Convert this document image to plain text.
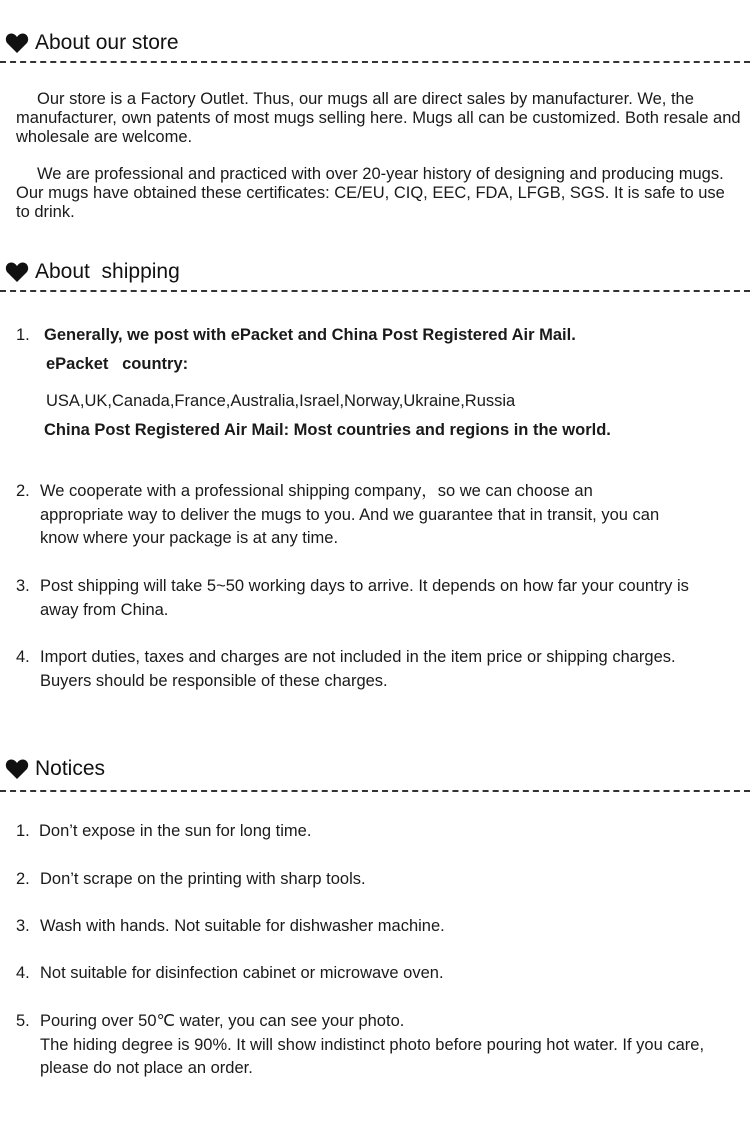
About our store
Our store is a Factory Outlet. Thus, our mugs all are direct sales by manufacturer. We, the manufacturer, own patents of most mugs selling here. Mugs all can be customized. Both resale and wholesale are welcome.
We are professional and practiced with over 20-year history of designing and producing mugs. Our mugs have obtained these certificates: CE/EU, CIQ, EEC, FDA, LFGB, SGS. It is safe to use to drink.
About  shipping
1. Generally, we post with ePacket and China Post Registered Air Mail.
ePacket   country:
USA,UK,Canada,France,Australia,Israel,Norway,Ukraine,Russia
China Post Registered Air Mail: Most countries and regions in the world.
2. We cooperate with a professional shipping company，so we can choose an appropriate way to deliver the mugs to you. And we guarantee that in transit, you can know where your package is at any time.
3. Post shipping will take 5~50 working days to arrive. It depends on how far your country is away from China.
4. Import duties, taxes and charges are not included in the item price or shipping charges. Buyers should be responsible of these charges.
Notices
1. Don’t expose in the sun for long time.
2. Don’t scrape on the printing with sharp tools.
3. Wash with hands. Not suitable for dishwasher machine.
4. Not suitable for disinfection cabinet or microwave oven.
5. Pouring over 50℃ water, you can see your photo.
The hiding degree is 90%. It will show indistinct photo before pouring hot water. If you care, please do not place an order.
